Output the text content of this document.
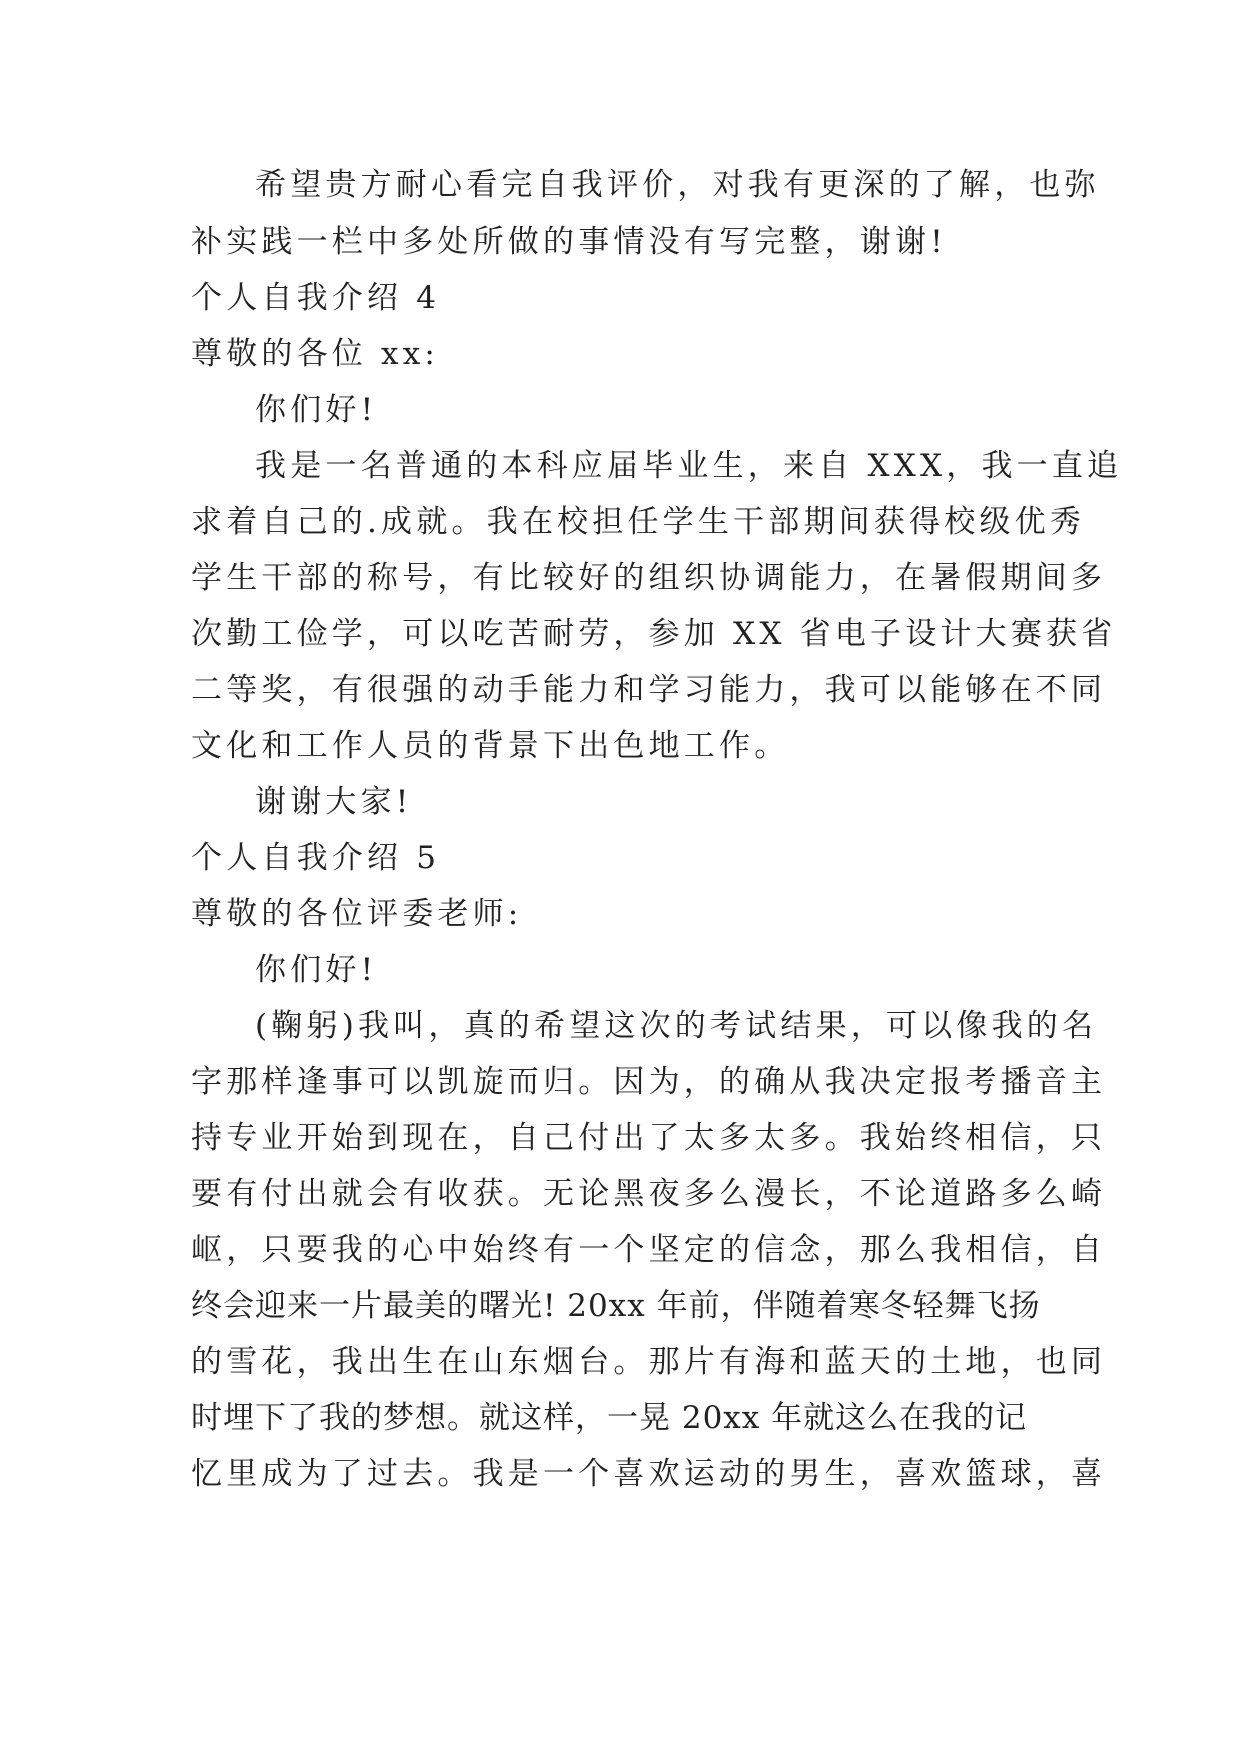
希望贵方耐心看完自我评价，对我有更深的了解，也弥
补实践一栏中多处所做的事情没有写完整，谢谢!
个人自我介绍 4
尊敬的各位 xx:
你们好!
我是一名普通的本科应届毕业生，来自 XXX，我一直追
求着自己的.成就。我在校担任学生干部期间获得校级优秀
学生干部的称号，有比较好的组织协调能力，在暑假期间多
次勤工俭学，可以吃苦耐劳，参加 XX 省电子设计大赛获省
二等奖，有很强的动手能力和学习能力，我可以能够在不同
文化和工作人员的背景下出色地工作。
谢谢大家!
个人自我介绍 5
尊敬的各位评委老师:
你们好!
(鞠躬)我叫，真的希望这次的考试结果，可以像我的名
字那样逢事可以凯旋而归。因为，的确从我决定报考播音主
持专业开始到现在，自己付出了太多太多。我始终相信，只
要有付出就会有收获。无论黑夜多么漫长，不论道路多么崎
岖，只要我的心中始终有一个坚定的信念，那么我相信，自
终会迎来一片最美的曙光! 20xx 年前，伴随着寒冬轻舞飞扬
的雪花，我出生在山东烟台。那片有海和蓝天的土地，也同
时埋下了我的梦想。就这样，一晃 20xx 年就这么在我的记
忆里成为了过去。我是一个喜欢运动的男生，喜欢篮球，喜
